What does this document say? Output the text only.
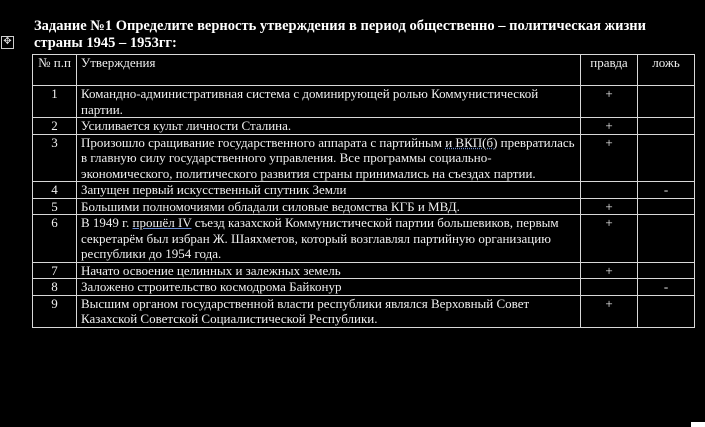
✥
Задание №1 Определите верность утверждения в период общественно – политическая жизни
страны 1945 – 1953гг:
№ п.п	Утверждения	правда	ложь
1	Командно-административная система с доминирующей ролью Коммунистической партии.	+	
2	Усиливается культ личности Сталина.	+	
3	Произошло сращивание государственного аппарата с партийным и ВКП(б) превратилась в главную силу государственного управления. Все программы социально-экономического, политического развития страны принимались на съездах партии.	+	
4	Запущен первый искусственный спутник Земли		-
5	Большими полномочиями обладали силовые ведомства КГБ и МВД.	+	
6	В 1949 г. прошёл IV съезд казахской Коммунистической партии большевиков, первым секретарём был избран Ж. Шаяхметов, который возглавлял партийную организацию республики до 1954 года.	+	
7	Начато освоение целинных и залежных земель	+	
8	Заложено строительство космодрома Байконур		-
9	Высшим органом государственной власти республики являлся Верховный Совет Казахской Советской Социалистической Республики.	+	
